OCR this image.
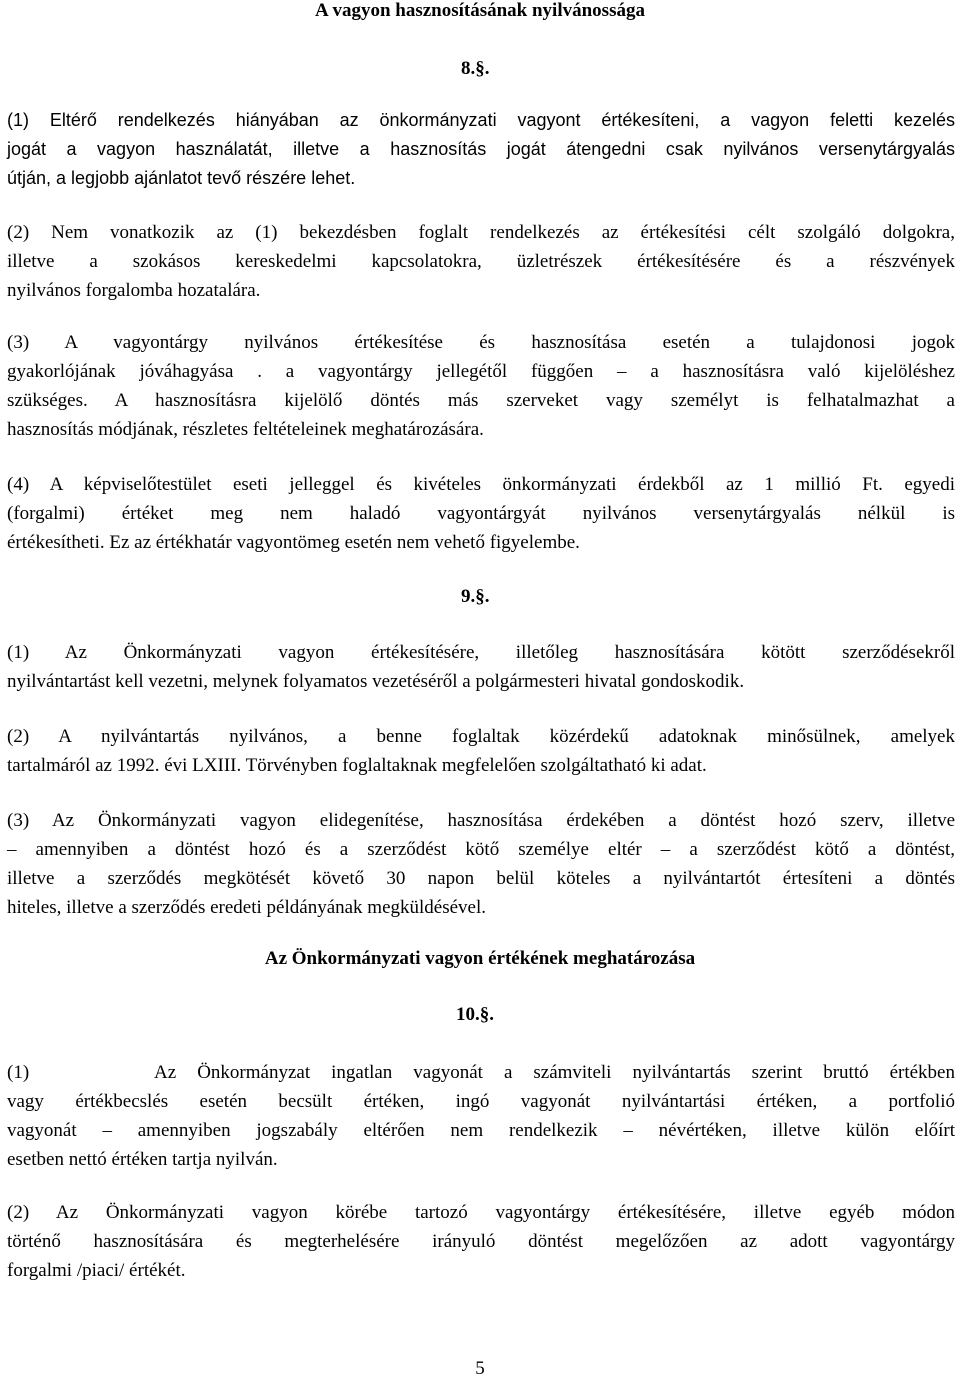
A vagyon hasznosításának nyilvánossága
8.§.
(1) Eltérő rendelkezés hiányában az önkormányzati vagyont értékesíteni, a vagyon feletti kezelés
jogát a vagyon használatát, illetve a hasznosítás jogát átengedni csak nyilvános versenytárgyalás
útján, a legjobb ajánlatot tevő részére lehet.
(2) Nem vonatkozik az (1) bekezdésben foglalt rendelkezés az értékesítési célt szolgáló dolgokra,
illetve a szokásos kereskedelmi kapcsolatokra, üzletrészek értékesítésére és a részvények
nyilvános forgalomba hozatalára.
(3) A vagyontárgy nyilvános értékesítése és hasznosítása esetén a tulajdonosi jogok
gyakorlójának jóváhagyása . a vagyontárgy jellegétől függően – a hasznosításra való kijelöléshez
szükséges. A hasznosításra kijelölő döntés más szerveket vagy személyt is felhatalmazhat a
hasznosítás módjának, részletes feltételeinek meghatározására.
(4) A képviselőtestület eseti jelleggel és kivételes önkormányzati érdekből az 1 millió Ft. egyedi
(forgalmi) értéket meg nem haladó vagyontárgyát nyilvános versenytárgyalás nélkül is
értékesítheti. Ez az értékhatár vagyontömeg esetén nem vehető figyelembe.
9.§.
(1) Az Önkormányzati vagyon értékesítésére, illetőleg hasznosítására kötött szerződésekről
nyilvántartást kell vezetni, melynek folyamatos vezetéséről a polgármesteri hivatal gondoskodik.
(2) A nyilvántartás nyilvános, a benne foglaltak közérdekű adatoknak minősülnek, amelyek
tartalmáról az 1992. évi LXIII. Törvényben foglaltaknak megfelelően szolgáltatható ki adat.
(3) Az Önkormányzati vagyon elidegenítése, hasznosítása érdekében a döntést hozó szerv, illetve
– amennyiben a döntést hozó és a szerződést kötő személye eltér – a szerződést kötő a döntést,
illetve a szerződés megkötését követő 30 napon belül köteles a nyilvántartót értesíteni a döntés
hiteles, illetve a szerződés eredeti példányának megküldésével.
Az Önkormányzati vagyon értékének meghatározása
10.§.
(1)      Az Önkormányzat ingatlan vagyonát a számviteli nyilvántartás szerint bruttó értékben
vagy értékbecslés esetén becsült értéken, ingó vagyonát nyilvántartási értéken, a portfolió
vagyonát – amennyiben jogszabály eltérően nem rendelkezik – névértéken, illetve külön előírt
esetben nettó értéken tartja nyilván.
(2) Az Önkormányzati vagyon körébe tartozó vagyontárgy értékesítésére, illetve egyéb módon
történő hasznosítására és megterhelésére irányuló döntést megelőzően az adott vagyontárgy
forgalmi /piaci/ értékét.
5
